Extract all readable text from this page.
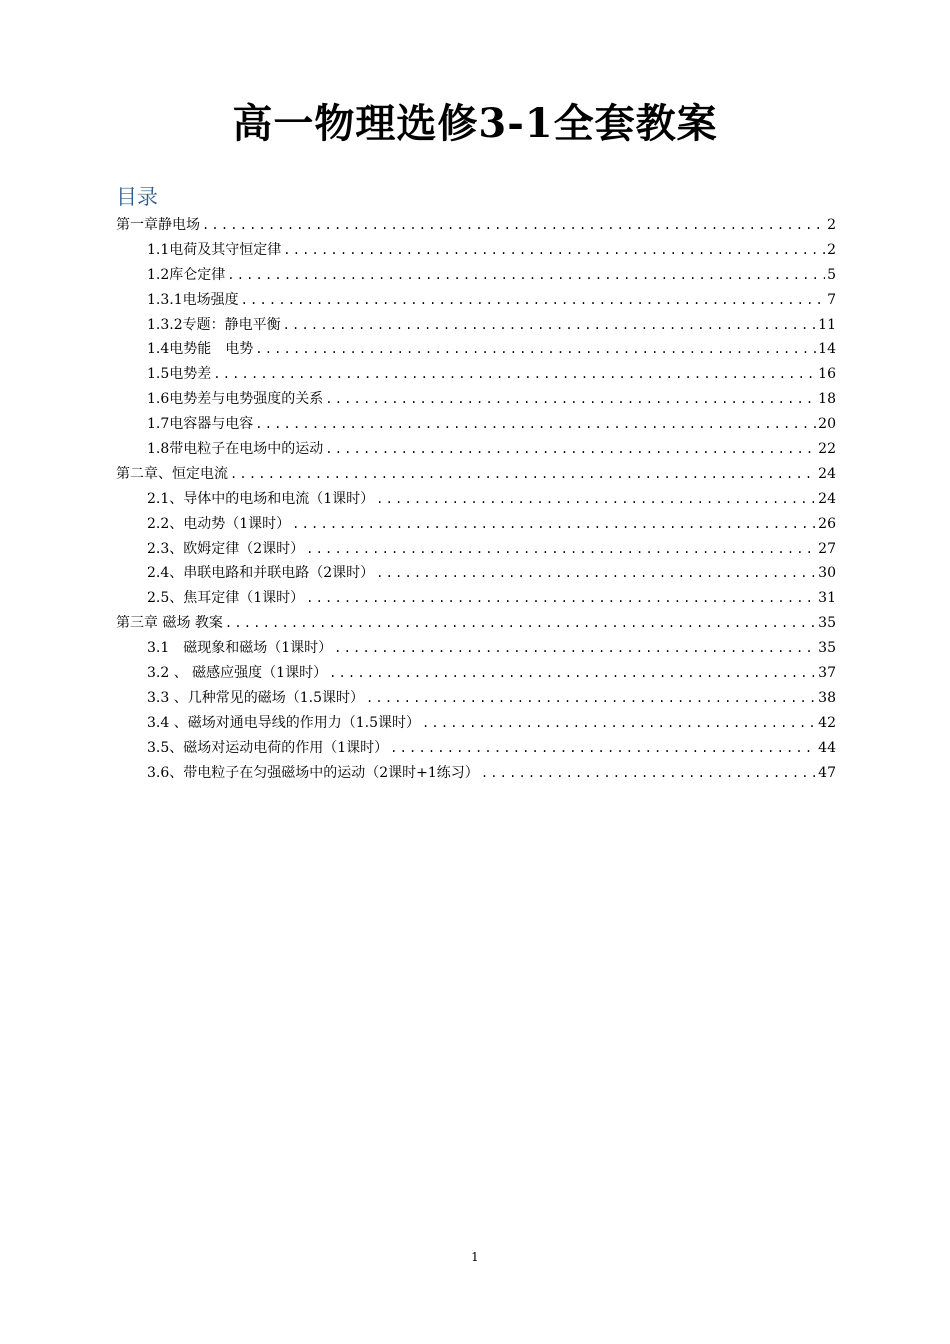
高一物理选修3-1全套教案
目录
第一章静电场 .....	2
1.1电荷及其守恒定律 .....	2
1.2库仑定律 .....	5
1.3.1电场强度 .....	7
1.3.2专题：静电平衡 .....	11
1.4电势能　电势 .....	14
1.5电势差 .....	16
1.6电势差与电势强度的关系 .....	18
1.7电容器与电容 .....	20
1.8带电粒子在电场中的运动 .....	22
第二章、恒定电流 .....	24
2.1、导体中的电场和电流（1课时） .....	24
2.2、电动势（1课时） .....	26
2.3、欧姆定律（2课时） .....	27
2.4、串联电路和并联电路（2课时） .....	30
2.5、焦耳定律（1课时） .....	31
第三章 磁场 教案 .....	35
3.1　磁现象和磁场（1课时） .....	35
3.2 、 磁感应强度（1课时） .....	37
3.3 、几种常见的磁场（1.5课时） .....	38
3.4 、磁场对通电导线的作用力（1.5课时） .....	42
3.5、磁场对运动电荷的作用（1课时） .....	44
3.6、带电粒子在匀强磁场中的运动（2课时+1练习） .....	47
1
